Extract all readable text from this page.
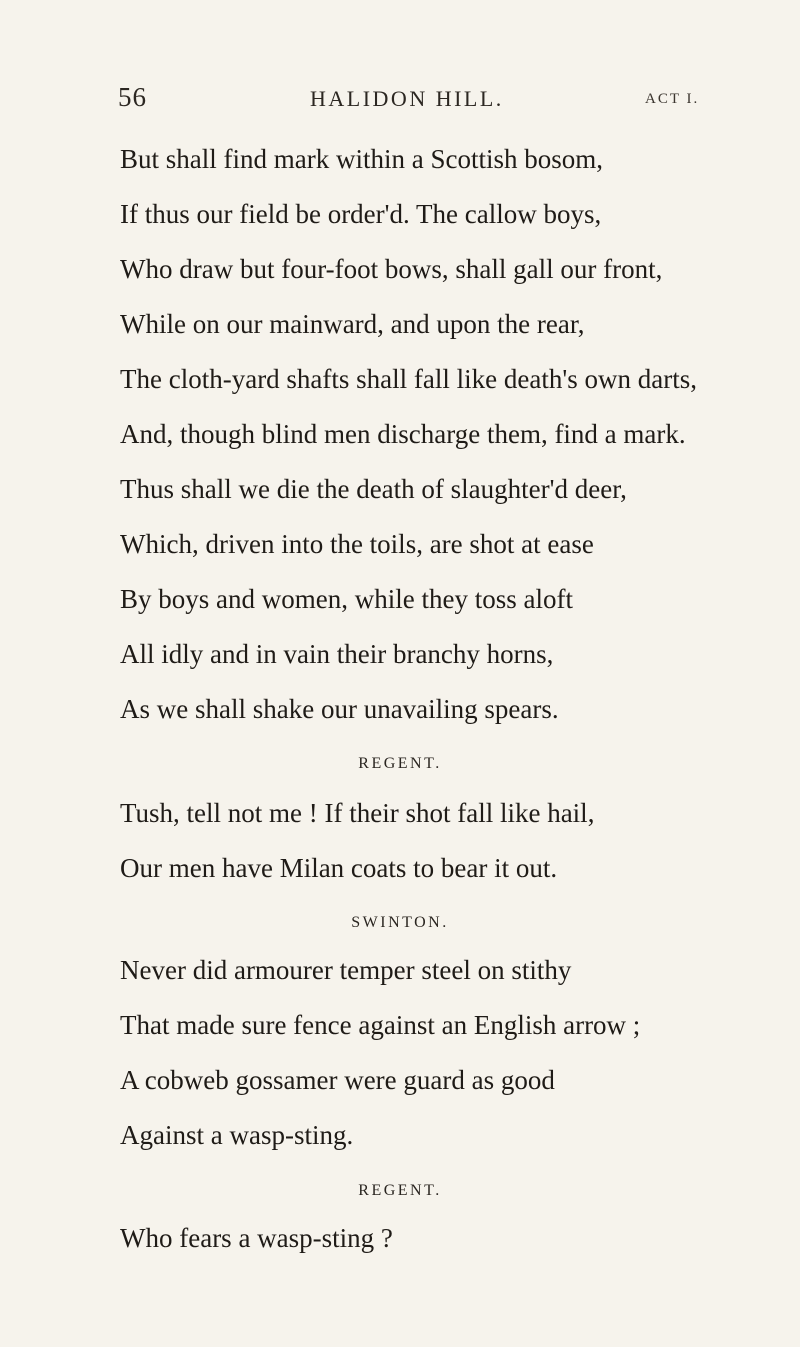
56	HALIDON HILL.	ACT I.
But shall find mark within a Scottish bosom,
If thus our field be order'd. The callow boys,
Who draw but four-foot bows, shall gall our front,
While on our mainward, and upon the rear,
The cloth-yard shafts shall fall like death's own darts,
And, though blind men discharge them, find a mark.
Thus shall we die the death of slaughter'd deer,
Which, driven into the toils, are shot at ease
By boys and women, while they toss aloft
All idly and in vain their branchy horns,
As we shall shake our unavailing spears.
REGENT.
Tush, tell not me ! If their shot fall like hail,
Our men have Milan coats to bear it out.
SWINTON.
Never did armourer temper steel on stithy
That made sure fence against an English arrow ;
A cobweb gossamer were guard as good
Against a wasp-sting.
REGENT.
Who fears a wasp-sting ?
